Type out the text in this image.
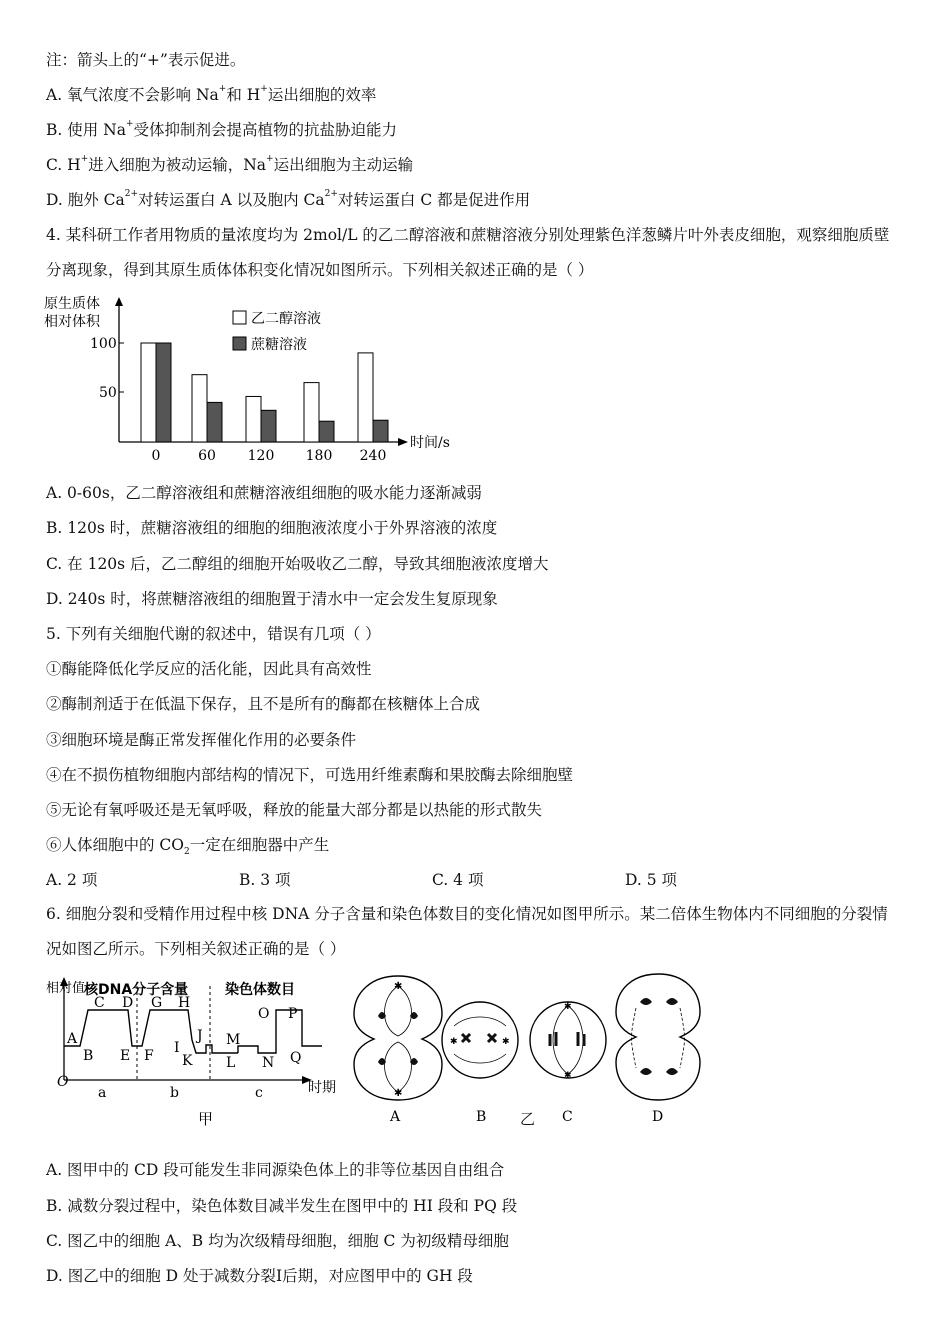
注：箭头上的“+”表示促进。
A. 氧气浓度不会影响 Na+和 H+运出细胞的效率
B. 使用 Na+受体抑制剂会提高植物的抗盐胁迫能力
C. H+进入细胞为被动运输，Na+运出细胞为主动运输
D. 胞外 $Ca^{2+}$对转运蛋白 A 以及胞内 $Ca^{2+}$对转运蛋白 C 都是促进作用
4. 某科研工作者用物质的量浓度均为 2mol/L 的乙二醇溶液和蔗糖溶液分别处理紫色洋葱鳞片叶外表皮细胞，观察细胞质壁分离现象，得到其原生质体体积变化情况如图所示。下列相关叙述正确的是（ ）
原生质体
相对体积
时间/s
100
50
乙二醇溶液
蔗糖溶液
0	60 120 180 240
A. 0-60s，乙二醇溶液组和蔗糖溶液组细胞的吸水能力逐渐减弱
B. 120s 时，蔗糖溶液组的细胞的细胞液浓度小于外界溶液的浓度
C. 在 120s 后，乙二醇组的细胞开始吸收乙二醇，导致其细胞液浓度增大
D. 240s 时，将蔗糖溶液组的细胞置于清水中一定会发生复原现象
5. 下列有关细胞代谢的叙述中，错误有几项（ ）
①酶能降低化学反应的活化能，因此具有高效性
②酶制剂适于在低温下保存，且不是所有的酶都在核糖体上合成
③细胞环境是酶正常发挥催化作用的必要条件
④在不损伤植物细胞内部结构的情况下，可选用纤维素酶和果胶酶去除细胞壁
⑤无论有氧呼吸还是无氧呼吸，释放的能量大部分都是以热能的形式散失
⑥人体细胞中的 $CO_2$一定在细胞器中产生
A. 2 项	B. 3 项	C. 4 项	D. 5 项
6. 细胞分裂和受精作用过程中核 DNA 分子含量和染色体数目的变化情况如图甲所示。某二倍体生物体内不同细胞的分裂情况如图乙所示。下列相关叙述正确的是（ ）
相对值
核DNA分子含量	染色体数目
时期
O
A
B
C D
E F
G H
I
J
K L
M
N
O P
Q
a	b	c
甲
✱
✱
A
✱	✱
B
✱
✱
C	D
乙
A. 图甲中的 CD 段可能发生非同源染色体上的非等位基因自由组合
B. 减数分裂过程中，染色体数目减半发生在图甲中的 HI 段和 PQ 段
C. 图乙中的细胞 A、B 均为次级精母细胞，细胞 C 为初级精母细胞
D. 图乙中的细胞 D 处于减数分裂Ⅰ后期，对应图甲中的 GH 段
